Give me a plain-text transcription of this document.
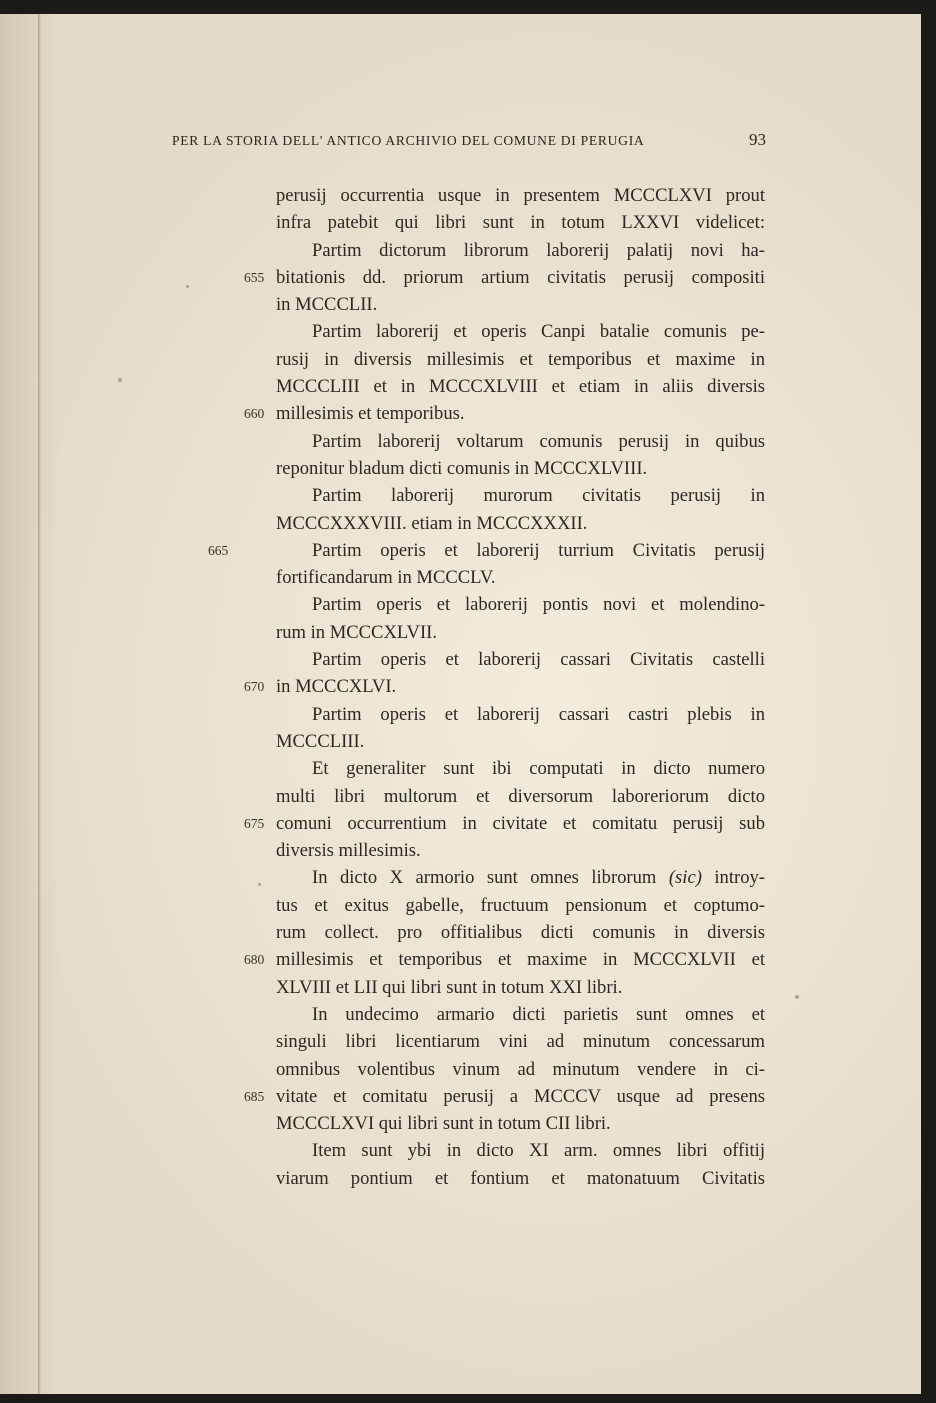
PER LA STORIA DELL' ANTICO ARCHIVIO DEL COMUNE DI PERUGIA	93
perusij occurrentia usque in presentem MCCCLXVI prout
infra patebit qui libri sunt in totum LXXVI videlicet:
Partim dictorum librorum laborerij palatij novi ha-
655 bitationis dd. priorum artium civitatis perusij compositi
in MCCCLII.
Partim laborerij et operis Canpi batalie comunis pe-
rusij in diversis millesimis et temporibus et maxime in
MCCCLIII et in MCCCXLVIII et etiam in aliis diversis
660 millesimis et temporibus.
Partim laborerij voltarum comunis perusij in quibus
reponitur bladum dicti comunis in MCCCXLVIII.
Partim laborerij murorum civitatis perusij in
MCCCXXXVIII. etiam in MCCCXXXII.
665	Partim operis et laborerij turrium Civitatis perusij
fortificandarum in MCCCLV.
Partim operis et laborerij pontis novi et molendino-
rum in MCCCXLVII.
Partim operis et laborerij cassari Civitatis castelli
670 in MCCCXLVI.
Partim operis et laborerij cassari castri plebis in
MCCCLIII.
Et generaliter sunt ibi computati in dicto numero
multi libri multorum et diversorum laboreriorum dicto
675 comuni occurrentium in civitate et comitatu perusij sub
diversis millesimis.
In dicto X armorio sunt omnes librorum (sic) introy-
tus et exitus gabelle, fructuum pensionum et coptumo-
rum collect. pro offitialibus dicti comunis in diversis
680 millesimis et temporibus et maxime in MCCCXLVII et
XLVIII et LII qui libri sunt in totum XXI libri.
In undecimo armario dicti parietis sunt omnes et
singuli libri licentiarum vini ad minutum concessarum
omnibus volentibus vinum ad minutum vendere in ci-
685 vitate et comitatu perusij a MCCCV usque ad presens
MCCCLXVI qui libri sunt in totum CII libri.
Item sunt ybi in dicto XI arm. omnes libri offitij
viarum pontium et fontium et matonatuum Civitatis
